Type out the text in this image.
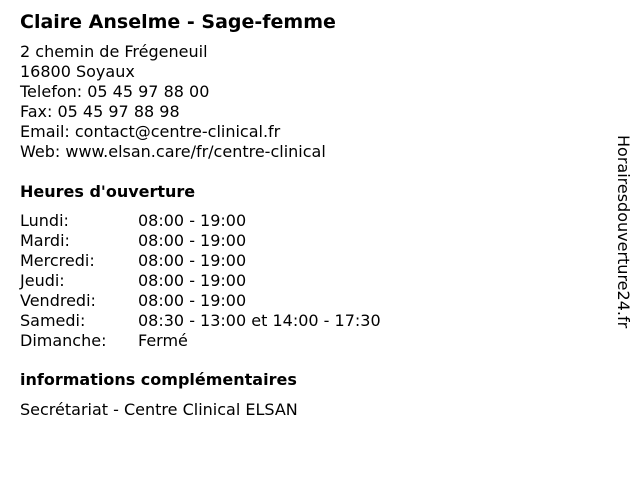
Claire Anselme - Sage-femme
2 chemin de Frégeneuil
16800 Soyaux
Telefon: 05 45 97 88 00
Fax: 05 45 97 88 98
Email: contact@centre-clinical.fr
Web: www.elsan.care/fr/centre-clinical
Heures d'ouverture
Lundi:	08:00 - 19:00
Mardi:	08:00 - 19:00
Mercredi:	08:00 - 19:00
Jeudi:	08:00 - 19:00
Vendredi:	08:00 - 19:00
Samedi:	08:30 - 13:00 et 14:00 - 17:30
Dimanche:	Fermé
informations complémentaires
Secrétariat - Centre Clinical ELSAN
Horairesdouverture24.fr
